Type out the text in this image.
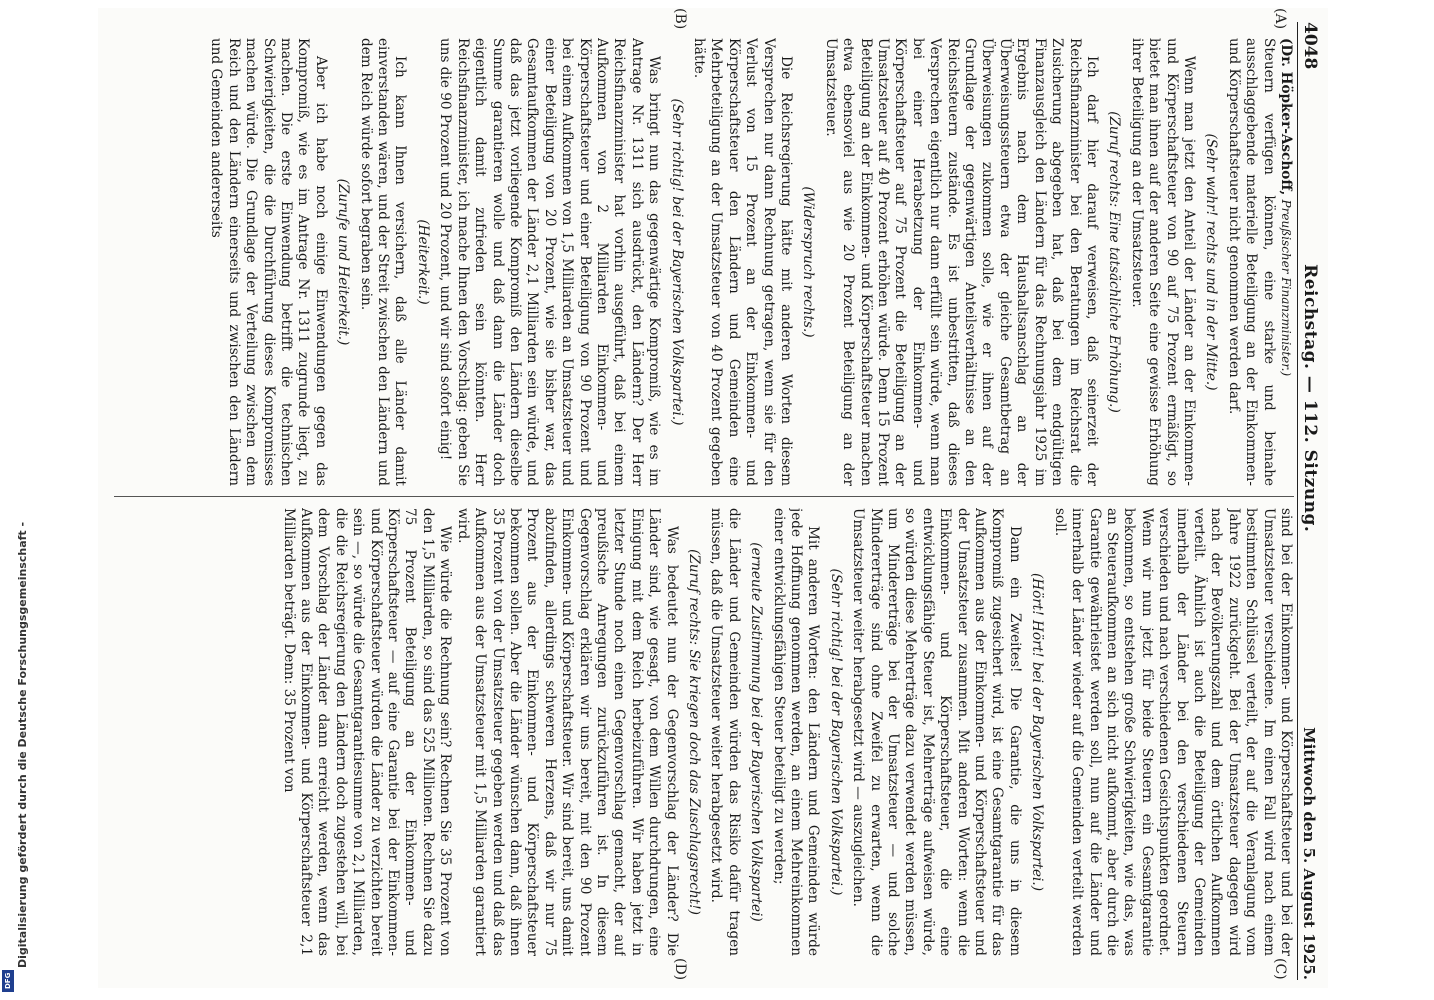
4048
Reichstag. — 112. Sitzung.
Mittwoch den 5. August 1925.
(A)
(B)
(C)
(D)

(Dr. Höpker-Aschoff, Preußischer Finanzminister.)

Steuern verfügen können, eine starke und beinahe ausschlaggebende materielle Beteiligung an der Einkommen- und Körperschaftsteuer nicht genommen werden darf.

(Sehr wahr! rechts und in der Mitte.)

Wenn man jetzt den Anteil der Länder an der Einkommen- und Körperschaftsteuer von 90 auf 75 Prozent ermäßigt, so bietet man ihnen auf der anderen Seite eine gewisse Erhöhung ihrer Beteiligung an der Umsatzsteuer.

(Zuruf rechts: Eine tatsächliche Erhöhung.)

Ich darf hier darauf verweisen, daß seinerzeit der Reichsfinanzminister bei den Beratungen im Reichsrat die Zusicherung abgegeben hat, daß bei dem endgültigen Finanzausgleich den Ländern für das Rechnungsjahr 1925 im Ergebnis nach dem Haushaltsanschlag an der Überweisungssteuern etwa der gleiche Gesamtbetrag an Überweisungen zukommen solle, wie er ihnen auf der Grundlage der gegenwärtigen Anteilsverhältnisse an den Reichssteuern zustände. Es ist unbestritten, daß dieses Versprechen eigentlich nur dann erfüllt sein würde, wenn man bei einer Herabsetzung der Einkommen- und Körperschaftsteuer auf 75 Prozent die Beteiligung an der Umsatzsteuer auf 40 Prozent erhöhen würde. Denn 15 Prozent Beteiligung an der Einkommen- und Körperschaftsteuer machen etwa ebensoviel aus wie 20 Prozent Beteiligung an der Umsatzsteuer.

(Widerspruch rechts.)

Die Reichsregierung hätte mit anderen Worten diesem Versprechen nur dann Rechnung getragen, wenn sie für den Verlust von 15 Prozent an der Einkommen- und Körperschaftsteuer den Ländern und Gemeinden eine Mehrbeteiligung an der Umsatzsteuer von 40 Prozent gegeben hätte.

(Sehr richtig! bei der Bayerischen Volkspartei.)

Was bringt nun das gegenwärtige Kompromiß, wie es im Antrage Nr. 1311 sich ausdrückt, den Ländern? Der Herr Reichsfinanzminister hat vorhin ausgeführt, daß bei einem Aufkommen von 2 Milliarden Einkommen- und Körperschaftsteuer und einer Beteiligung von 90 Prozent und bei einem Aufkommen von 1,5 Milliarden an Umsatzsteuer und einer Beteiligung von 20 Prozent, wie sie bisher war, das Gesamtaufkommen der Länder 2,1 Milliarden sein würde, und daß das jetzt vorliegende Kompromiß den Ländern dieselbe Summe garantieren wolle und daß dann die Länder doch eigentlich damit zufrieden sein könnten. Herr Reichsfinanzminister, ich mache Ihnen den Vorschlag: geben Sie uns die 90 Prozent und 20 Prozent, und wir sind sofort einig!

(Heiterkeit.)

Ich kann Ihnen versichern, daß alle Länder damit einverstanden wären, und der Streit zwischen den Ländern und dem Reich würde sofort begraben sein.

(Zurufe und Heiterkeit.)

Aber ich habe noch einige Einwendungen gegen das Kompromiß, wie es im Antrage Nr. 1311 zugrunde liegt, zu machen. Die erste Einwendung betrifft die technischen Schwierigkeiten, die die Durchführung dieses Kompromisses machen würde. Die Grundlage der Verteilung zwischen dem Reich und den Ländern einerseits und zwischen den Ländern und Gemeinden andererseits

sind bei der Einkommen- und Körperschaftsteuer und bei der Umsatzsteuer verschiedene. Im einen Fall wird nach einem bestimmten Schlüssel verteilt, der auf die Veranlagung vom Jahre 1922 zurückgeht. Bei der Umsatzsteuer dagegen wird nach der Bevölkerungszahl und dem örtlichen Aufkommen verteilt. Ähnlich ist auch die Beteiligung der Gemeinden innerhalb der Länder bei den verschiedenen Steuern verschieden und nach verschiedenen Gesichtspunkten geordnet. Wenn wir nun jetzt für beide Steuern ein Gesamtgarantie bekommen, so entstehen große Schwierigkeiten, wie das, was an Steueraufkommen an sich nicht aufkommt, aber durch die Garantie gewährleistet werden soll, nun auf die Länder und innerhalb der Länder wieder auf die Gemeinden verteilt werden soll.

(Hört! Hört! bei der Bayerischen Volkspartei.)

Dann ein Zweites! Die Garantie, die uns in diesem Kompromiß zugesichert wird, ist eine Gesamtgarantie für das Aufkommen aus der Einkommen- und Körperschaftsteuer und der Umsatzsteuer zusammen. Mit anderen Worten: wenn die Einkommen- und Körperschaftsteuer, die eine entwicklungsfähige Steuer ist, Mehrerträge aufweisen würde, so würden diese Mehrerträge dazu verwendet werden müssen, um Mindererträge bei der Umsatzsteuer — und solche Mindererträge sind ohne Zweifel zu erwarten, wenn die Umsatzsteuer weiter herabgesetzt wird — auszugleichen.

(Sehr richtig! bei der Bayerischen Volkspartei.)

Mit anderen Worten: den Ländern und Gemeinden würde jede Hoffnung genommen werden, an einem Mehreinkommen einer entwicklungsfähigen Steuer beteiligt zu werden;

(erneute Zustimmung bei der Bayerischen Volkspartei)

die Länder und Gemeinden würden das Risiko dafür tragen müssen, daß die Umsatzsteuer weiter herabgesetzt wird.

(Zuruf rechts: Sie kriegen doch das Zuschlagsrecht!)

Was bedeutet nun der Gegenvorschlag der Länder? Die Länder sind, wie gesagt, von dem Willen durchdrungen, eine Einigung mit dem Reich herbeizuführen. Wir haben jetzt in letzter Stunde noch einen Gegenvorschlag gemacht, der auf preußische Anregungen zurückzuführen ist. In diesem Gegenvorschlag erklären wir uns bereit, mit den 90 Prozent Einkommen- und Körperschaftsteuer. Wir sind bereit, uns damit abzufinden, allerdings schweren Herzens, daß wir nur 75 Prozent aus der Einkommen- und Körperschaftsteuer bekommen sollen. Aber die Länder wünschen dann, daß ihnen 35 Prozent von der Umsatzsteuer gegeben werden und daß das Aufkommen aus der Umsatzsteuer mit 1,5 Milliarden garantiert wird.

Wie würde die Rechnung sein? Rechnen Sie 35 Prozent von den 1,5 Milliarden, so sind das 525 Millionen. Rechnen Sie dazu 75 Prozent Beteiligung an der Einkommen- und Körperschaftsteuer — auf eine Garantie bei der Einkommen- und Körperschaftsteuer würden die Länder zu verzichten bereit sein —, so würde die Gesamtgarantiesumme von 2,1 Milliarden, die die Reichsregierung den Ländern doch zugestehen will, bei dem Vorschlag der Länder dann erreicht werden, wenn das Aufkommen aus der Einkommen- und Körperschaftsteuer 2,1 Milliarden beträgt. Denn: 35 Prozent von

Digitalisierung gefördert durch die Deutsche Forschungsgemeinschaft -
DFG
